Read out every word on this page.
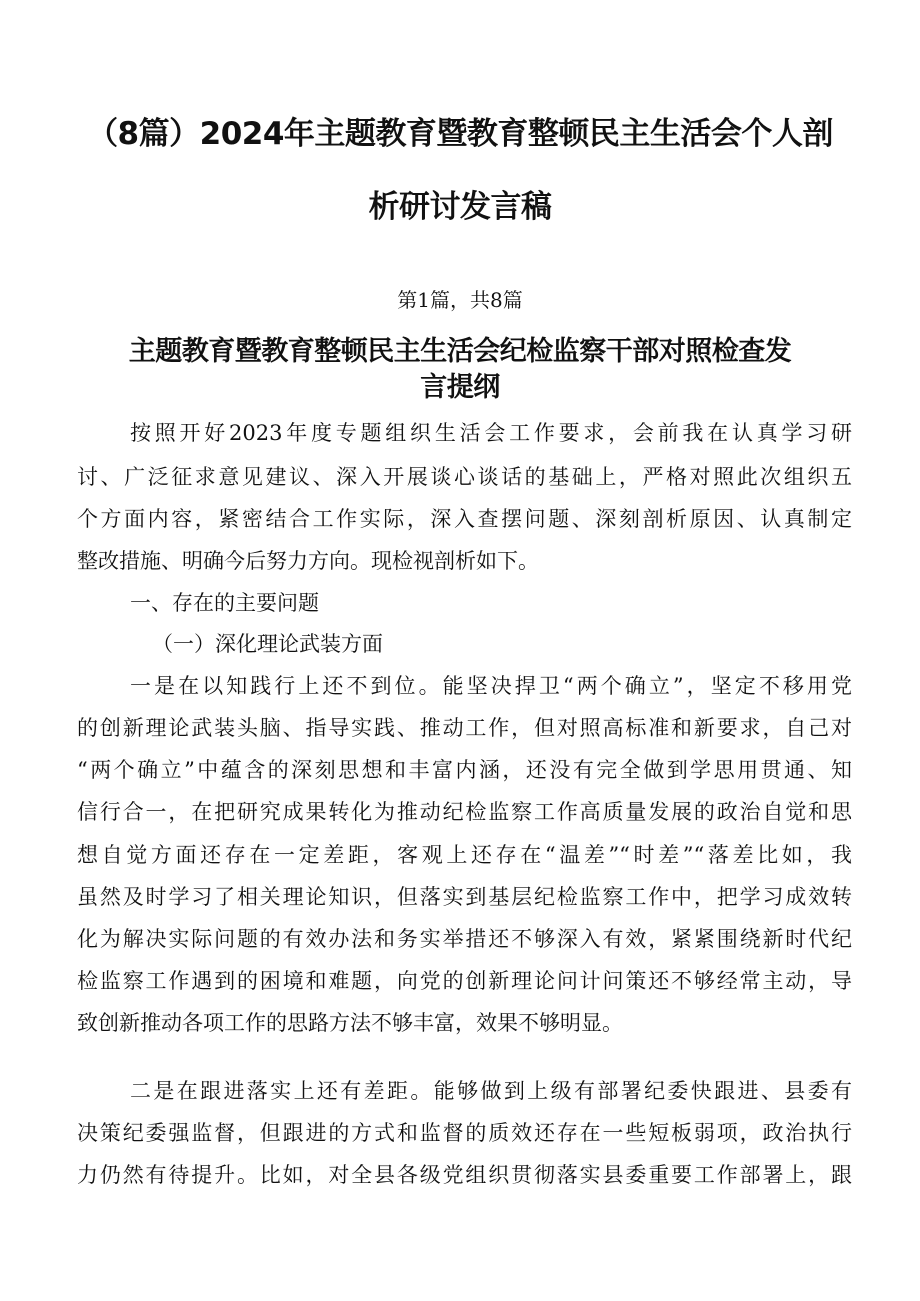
（8篇）2024年主题教育暨教育整顿民主生活会个人剖
析研讨发言稿

第1篇，共8篇

主题教育暨教育整顿民主生活会纪检监察干部对照检查发
言提纲

按照开好2023年度专题组织生活会工作要求，会前我在认真学习研

讨、广泛征求意见建议、深入开展谈心谈话的基础上，严格对照此次组织五

个方面内容，紧密结合工作实际，深入查摆问题、深刻剖析原因、认真制定

整改措施、明确今后努力方向。现检视剖析如下。

一、存在的主要问题

（一）深化理论武装方面

一是在以知践行上还不到位。能坚决捍卫“两个确立”，坚定不移用党

的创新理论武装头脑、指导实践、推动工作，但对照高标准和新要求，自己对

“两个确立”中蕴含的深刻思想和丰富内涵，还没有完全做到学思用贯通、知

信行合一，在把研究成果转化为推动纪检监察工作高质量发展的政治自觉和思

想自觉方面还存在一定差距，客观上还存在“温差”“时差”“落差比如，我

虽然及时学习了相关理论知识，但落实到基层纪检监察工作中，把学习成效转

化为解决实际问题的有效办法和务实举措还不够深入有效，紧紧围绕新时代纪

检监察工作遇到的困境和难题，向党的创新理论问计问策还不够经常主动，导

致创新推动各项工作的思路方法不够丰富，效果不够明显。

二是在跟进落实上还有差距。能够做到上级有部署纪委快跟进、县委有

决策纪委强监督，但跟进的方式和监督的质效还存在一些短板弱项，政治执行

力仍然有待提升。比如，对全县各级党组织贯彻落实县委重要工作部署上，跟
